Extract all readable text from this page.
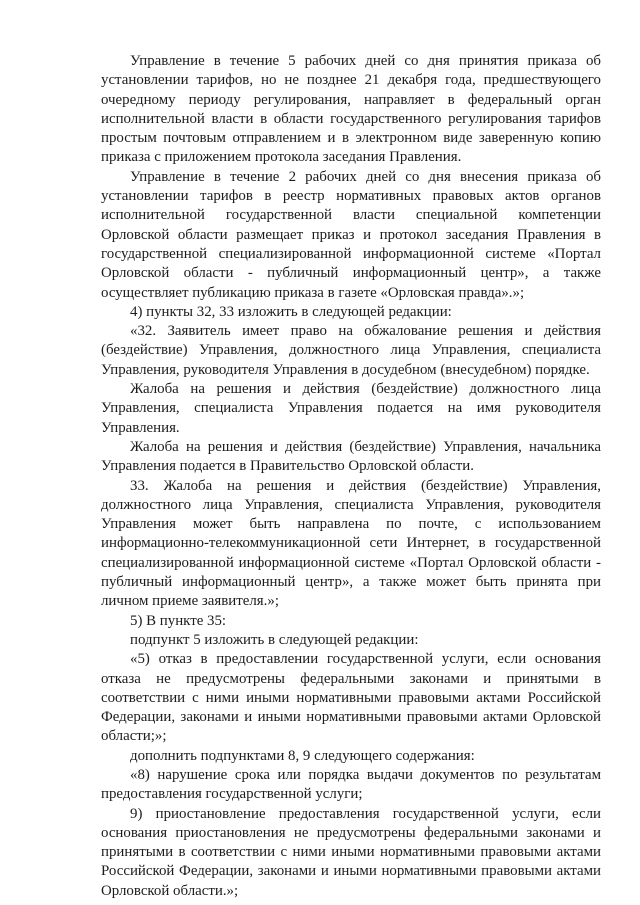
Управление в течение 5 рабочих дней со дня принятия приказа об установлении тарифов, но не позднее 21 декабря года, предшествующего очередному периоду регулирования, направляет в федеральный орган исполнительной власти в области государственного регулирования тарифов простым почтовым отправлением и в электронном виде заверенную копию приказа с приложением протокола заседания Правления.

Управление в течение 2 рабочих дней со дня внесения приказа об установлении тарифов в реестр нормативных правовых актов органов исполнительной государственной власти специальной компетенции Орловской области размещает приказ и протокол заседания Правления в государственной специализированной информационной системе «Портал Орловской области - публичный информационный центр», а также осуществляет публикацию приказа в газете «Орловская правда».»;

4) пункты 32, 33 изложить в следующей редакции:

«32. Заявитель имеет право на обжалование решения и действия (бездействие) Управления, должностного лица Управления, специалиста Управления, руководителя Управления в досудебном (внесудебном) порядке.

Жалоба на решения и действия (бездействие) должностного лица Управления, специалиста Управления подается на имя руководителя Управления.

Жалоба на решения и действия (бездействие) Управления, начальника Управления подается в Правительство Орловской области.

33. Жалоба на решения и действия (бездействие) Управления, должностного лица Управления, специалиста Управления, руководителя Управления может быть направлена по почте, с использованием информационно-телекоммуникационной сети Интернет, в государственной специализированной информационной системе «Портал Орловской области - публичный информационный центр», а также может быть принята при личном приеме заявителя.»;

5) В пункте 35:

подпункт 5 изложить в следующей редакции:

«5) отказ в предоставлении государственной услуги, если основания отказа не предусмотрены федеральными законами и принятыми в соответствии с ними иными нормативными правовыми актами Российской Федерации, законами и иными нормативными правовыми актами Орловской области;»;

дополнить подпунктами 8, 9 следующего содержания:

«8) нарушение срока или порядка выдачи документов по результатам предоставления государственной услуги;

9) приостановление предоставления государственной услуги, если основания приостановления не предусмотрены федеральными законами и принятыми в соответствии с ними иными нормативными правовыми актами Российской Федерации, законами и иными нормативными правовыми актами Орловской области.»;
